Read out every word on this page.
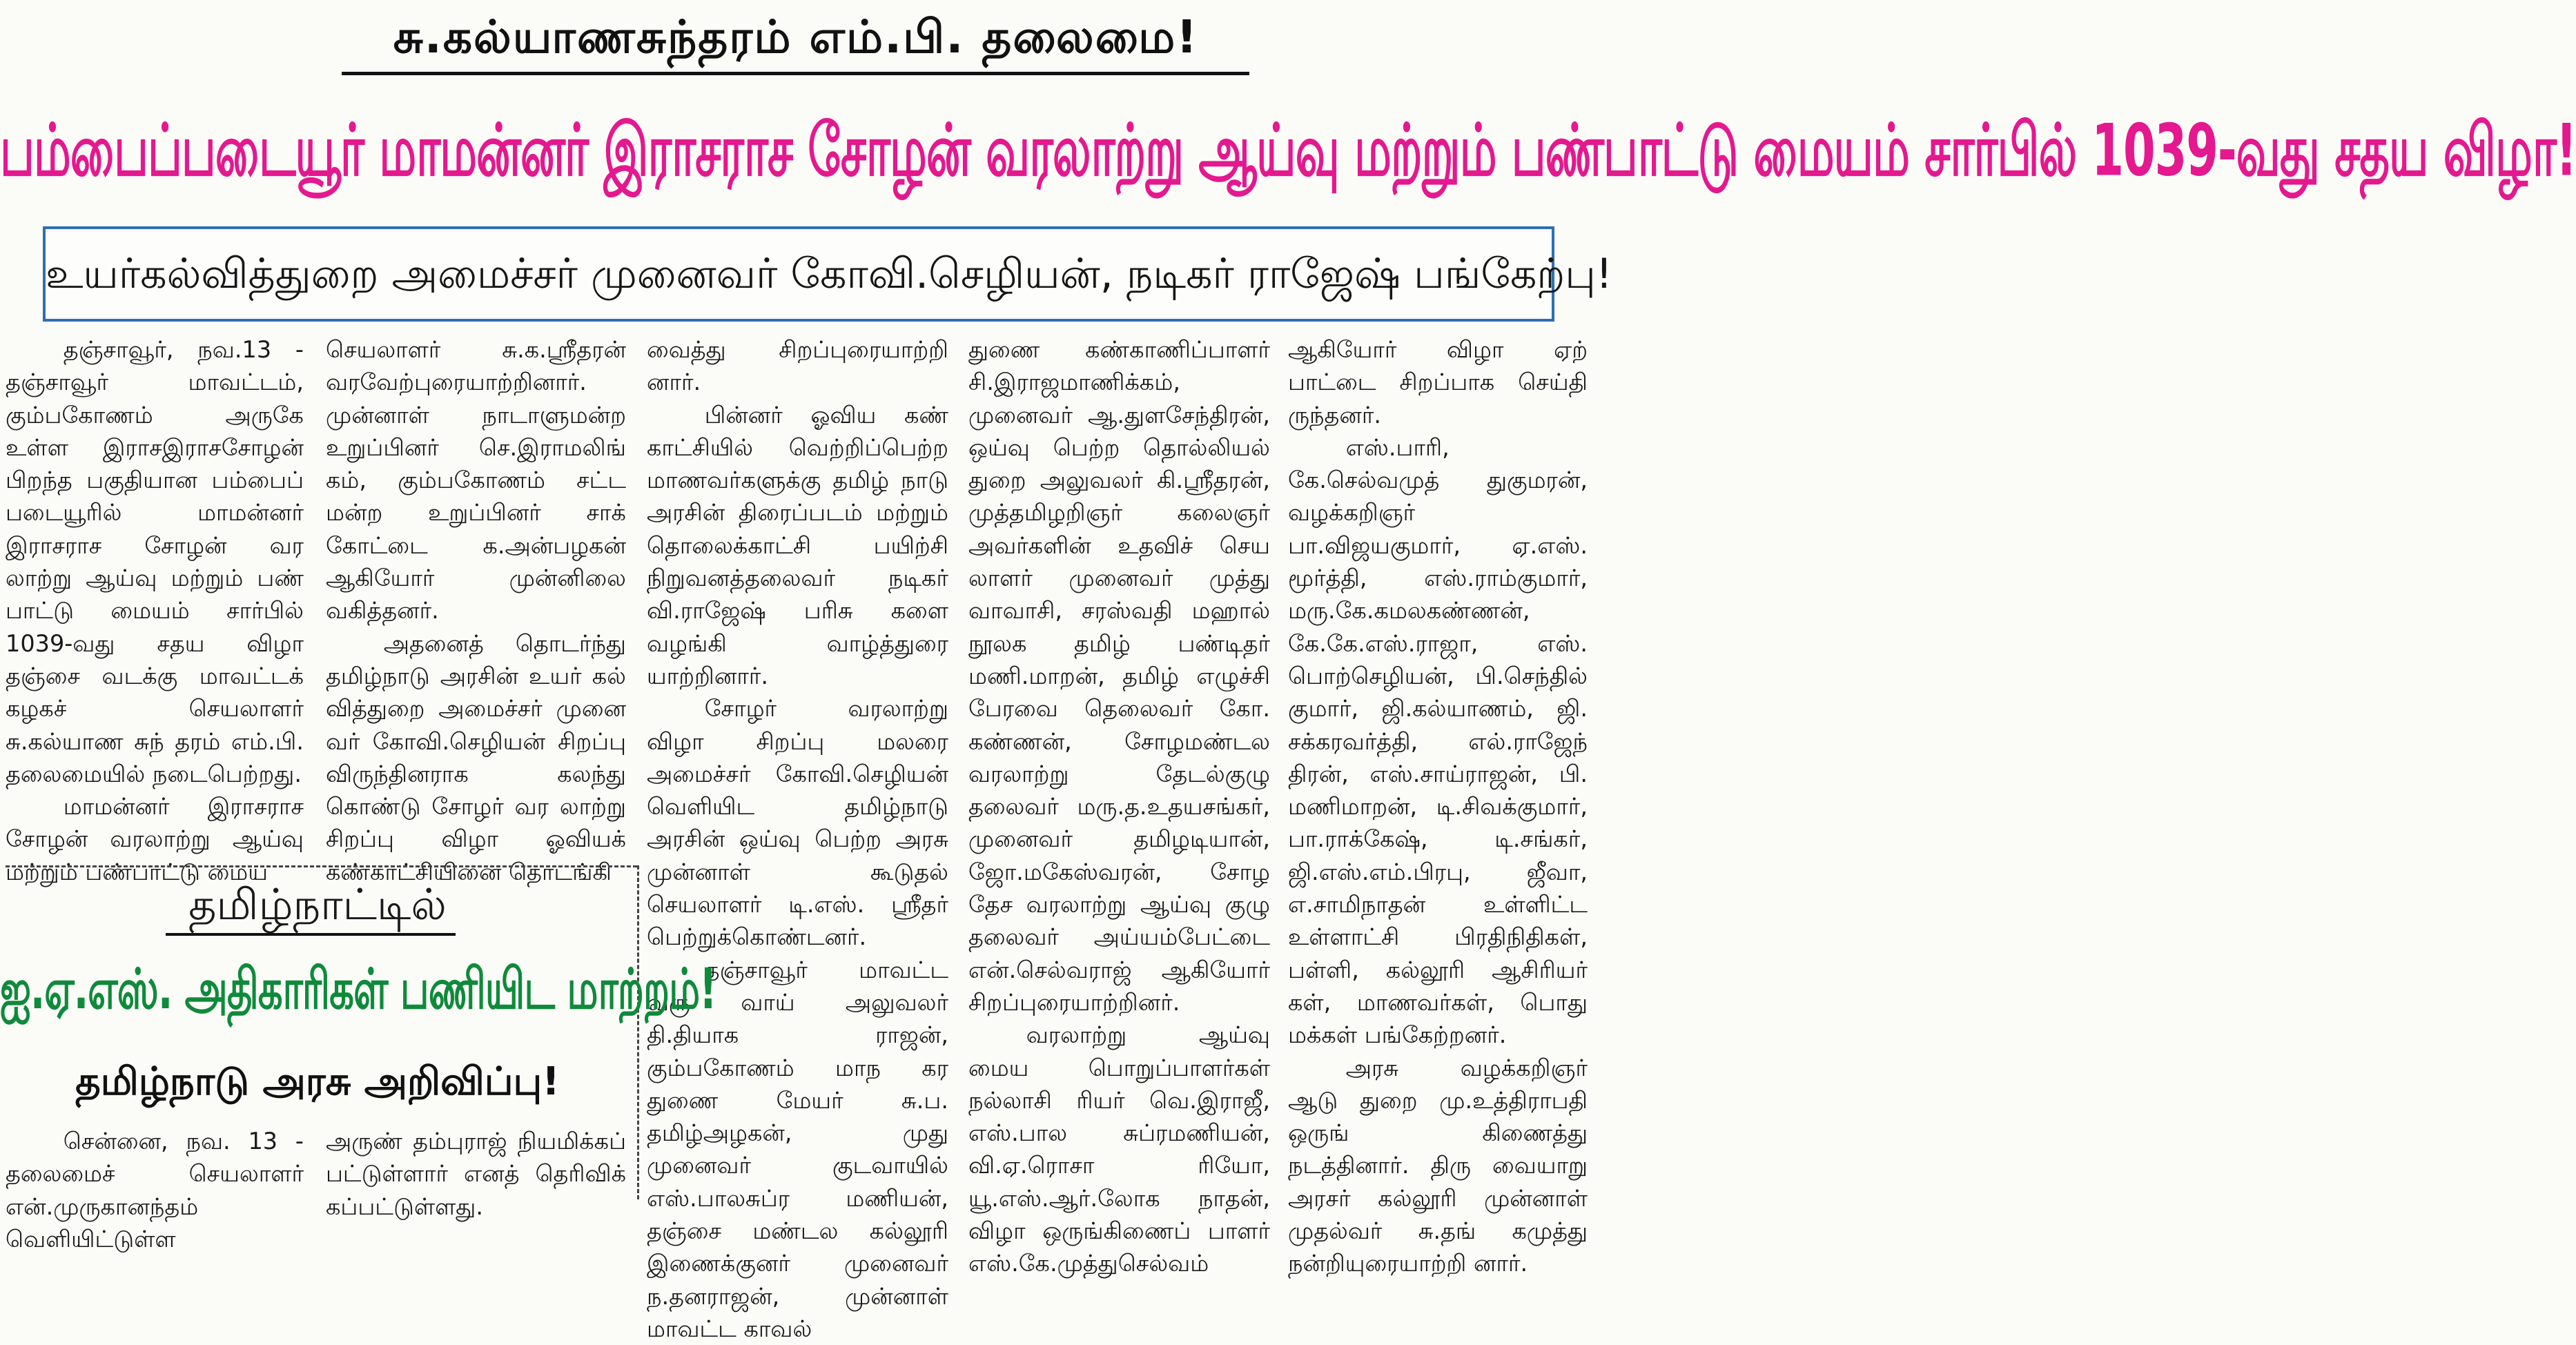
சு.கல்யாணசுந்தரம் எம்.பி. தலைமை!
பம்பைப்படையூர் மாமன்னர் இராசராச சோழன் வரலாற்று ஆய்வு மற்றும் பண்பாட்டு மையம் சார்பில் 1039-வது சதய விழா!
உயர்கல்வித்துறை அமைச்சர் முனைவர் கோவி.செழியன், நடிகர் ராஜேஷ் பங்கேற்பு!

தஞ்சாவூர், நவ.13 - தஞ்சாவூர் மாவட்டம், கும்பகோணம் அருகே உள்ள இராசஇராசசோழன் பிறந்த பகுதியான பம்பைப் படையூரில் மாமன்னர் இராசராச சோழன் வர லாற்று ஆய்வு மற்றும் பண் பாட்டு மையம் சார்பில் 1039-வது சதய விழா தஞ்சை வடக்கு மாவட்டக் கழகச் செயலாளர் சு.கல்யாண சுந் தரம் எம்.பி. தலைமையில் நடைபெற்றது.

மாமன்னர் இராசராச சோழன் வரலாற்று ஆய்வு மற்றும் பண்பாட்டு மைய

செயலாளர் சு.க.ஸ்ரீதரன் வரவேற்புரையாற்றினார். முன்னாள் நாடாளுமன்ற உறுப்பினர் செ.இராமலிங் கம், கும்பகோணம் சட்ட மன்ற உறுப்பினர் சாக் கோட்டை க.அன்பழகன் ஆகியோர் முன்னிலை வகித்தனர்.

அதனைத் தொடர்ந்து தமிழ்நாடு அரசின் உயர் கல் வித்துறை அமைச்சர் முனை வர் கோவி.செழியன் சிறப்பு விருந்தினராக கலந்து கொண்டு சோழர் வர லாற்று சிறப்பு விழா ஓவியக் கண்காட்சியினை தொடங்கி

வைத்து சிறப்புரையாற்றி னார்.

பின்னர் ஓவிய கண் காட்சியில் வெற்றிப்பெற்ற மாணவர்களுக்கு தமிழ் நாடு அரசின் திரைப்படம் மற்றும் தொலைக்காட்சி பயிற்சி நிறுவனத்தலைவர் நடிகர் வி.ராஜேஷ் பரிசு களை வழங்கி வாழ்த்துரை யாற்றினார்.

சோழர் வரலாற்று விழா சிறப்பு மலரை அமைச்சர் கோவி.செழியன் வெளியிட தமிழ்நாடு அரசின் ஒய்வு பெற்ற அரசு முன்னாள் கூடுதல் செயலாளர் டி.எஸ். ஸ்ரீதர் பெற்றுக்கொண்டனர்.

தஞ்சாவூர் மாவட்ட வரு வாய் அலுவலர் தி.தியாக ராஜன், கும்பகோணம் மாந கர துணை மேயர் சு.ப. தமிழ்அழகன், முது முனைவர் குடவாயில் எஸ்.பாலசுப்ர மணியன், தஞ்சை மண்டல கல்லூரி இணைக்குனர் முனைவர் ந.தனராஜன், முன்னாள் மாவட்ட காவல்

துணை கண்காணிப்பாளர் சி.இராஜமாணிக்கம், முனைவர் ஆ.துளசேந்திரன், ஒய்வு பெற்ற தொல்லியல் துறை அலுவலர் கி.ஸ்ரீதரன், முத்தமிழறிஞர் கலைஞர் அவர்களின் உதவிச் செய லாளர் முனைவர் முத்து வாவாசி, சரஸ்வதி மஹால் நூலக தமிழ் பண்டிதர் மணி.மாறன், தமிழ் எழுச்சி பேரவை தெலைவர் கோ. கண்ணன், சோழமண்டல வரலாற்று தேடல்குழு தலைவர் மரு.த.உதயசங்கர், முனைவர் தமிழடியான், ஜோ.மகேஸ்வரன், சோழ தேச வரலாற்று ஆய்வு குழு தலைவர் அய்யம்பேட்டை என்.செல்வராஜ் ஆகியோர் சிறப்புரையாற்றினர்.

வரலாற்று ஆய்வு மைய பொறுப்பாளர்கள் நல்லாசி ரியர் வெ.இராஜீ, எஸ்.பால சுப்ரமணியன், வி.ஏ.ரொசா ரியோ, யூ.எஸ்.ஆர்.லோக நாதன், விழா ஒருங்கிணைப் பாளர் எஸ்.கே.முத்துசெல்வம்

ஆகியோர் விழா ஏற் பாட்டை சிறப்பாக செய்தி ருந்தனர்.

எஸ்.பாரி, கே.செல்வமுத் துகுமரன், வழக்கறிஞர் பா.விஜயகுமார், ஏ.எஸ். மூர்த்தி, எஸ்.ராம்குமார், மரு.கே.கமலகண்ணன், கே.கே.எஸ்.ராஜா, எஸ். பொற்செழியன், பி.செந்தில் குமார், ஜி.கல்யாணம், ஜி. சக்கரவர்த்தி, எல்.ராஜேந் திரன், எஸ்.சாய்ராஜன், பி. மணிமாறன், டி.சிவக்குமார், பா.ராக்கேஷ், டி.சங்கர், ஜி.எஸ்.எம்.பிரபு, ஜீவா, எ.சாமிநாதன் உள்ளிட்ட உள்ளாட்சி பிரதிநிதிகள், பள்ளி, கல்லூரி ஆசிரியர் கள், மாணவர்கள், பொது மக்கள் பங்கேற்றனர்.

அரசு வழக்கறிஞர் ஆடு துறை மு.உத்திராபதி ஒருங் கிணைத்து நடத்தினார். திரு வையாறு அரசர் கல்லூரி முன்னாள் முதல்வர் சு.தங் கமுத்து நன்றியுரையாற்றி னார்.

தமிழ்நாட்டில்
ஐ.ஏ.எஸ். அதிகாரிகள் பணியிட மாற்றம்!
தமிழ்நாடு அரசு அறிவிப்பு!

சென்னை, நவ. 13 - தலைமைச் செயலாளர் என்.முருகானந்தம் வெளியிட்டுள்ள

அருண் தம்புராஜ் நியமிக்கப் பட்டுள்ளார் எனத் தெரிவிக் கப்பட்டுள்ளது.
